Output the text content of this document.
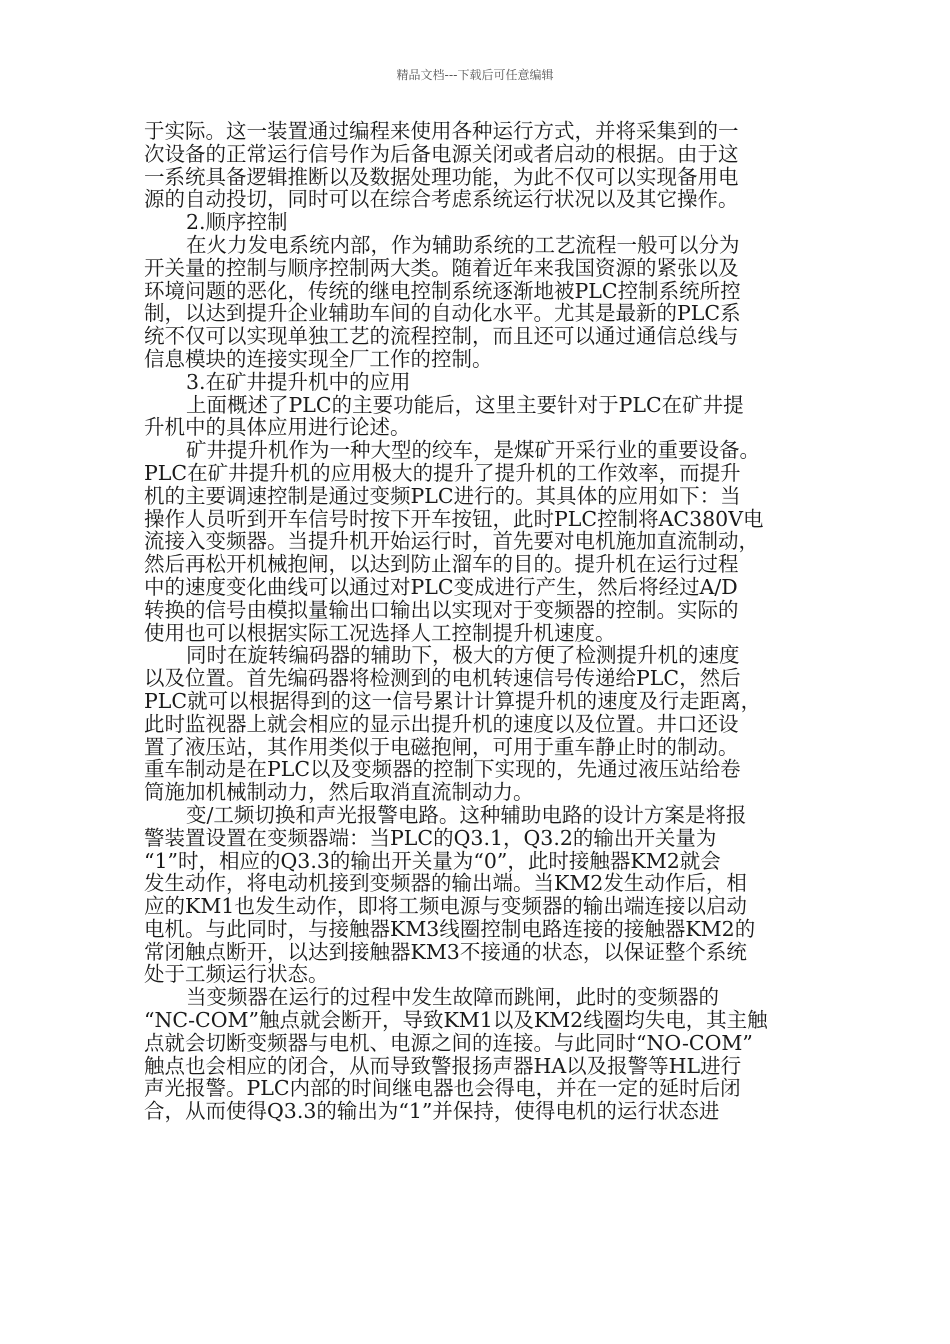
精品文档---下载后可任意编辑
于实际。这一装置通过编程来使用各种运行方式，并将采集到的一
次设备的正常运行信号作为后备电源关闭或者启动的根据。由于这
一系统具备逻辑推断以及数据处理功能，为此不仅可以实现备用电
源的自动投切，同时可以在综合考虑系统运行状况以及其它操作。
2.顺序控制
在火力发电系统内部，作为辅助系统的工艺流程一般可以分为
开关量的控制与顺序控制两大类。随着近年来我国资源的紧张以及
环境问题的恶化，传统的继电控制系统逐渐地被PLC控制系统所控
制，以达到提升企业辅助车间的自动化水平。尤其是最新的PLC系
统不仅可以实现单独工艺的流程控制，而且还可以通过通信总线与
信息模块的连接实现全厂工作的控制。
3.在矿井提升机中的应用
上面概述了PLC的主要功能后，这里主要针对于PLC在矿井提
升机中的具体应用进行论述。
矿井提升机作为一种大型的绞车，是煤矿开采行业的重要设备。
PLC在矿井提升机的应用极大的提升了提升机的工作效率，而提升
机的主要调速控制是通过变频PLC进行的。其具体的应用如下：当
操作人员听到开车信号时按下开车按钮，此时PLC控制将AC380V电
流接入变频器。当提升机开始运行时，首先要对电机施加直流制动，
然后再松开机械抱闸，以达到防止溜车的目的。提升机在运行过程
中的速度变化曲线可以通过对PLC变成进行产生，然后将经过A/D
转换的信号由模拟量输出口输出以实现对于变频器的控制。实际的
使用也可以根据实际工况选择人工控制提升机速度。
同时在旋转编码器的辅助下，极大的方便了检测提升机的速度
以及位置。首先编码器将检测到的电机转速信号传递给PLC，然后
PLC就可以根据得到的这一信号累计计算提升机的速度及行走距离，
此时监视器上就会相应的显示出提升机的速度以及位置。井口还设
置了液压站，其作用类似于电磁抱闸，可用于重车静止时的制动。
重车制动是在PLC以及变频器的控制下实现的，先通过液压站给卷
筒施加机械制动力，然后取消直流制动力。
变/工频切换和声光报警电路。这种辅助电路的设计方案是将报
警装置设置在变频器端：当PLC的Q3.1，Q3.2的输出开关量为
“1”时，相应的Q3.3的输出开关量为“0”，此时接触器KM2就会
发生动作，将电动机接到变频器的输出端。当KM2发生动作后，相
应的KM1也发生动作，即将工频电源与变频器的输出端连接以启动
电机。与此同时，与接触器KM3线圈控制电路连接的接触器KM2的
常闭触点断开，以达到接触器KM3不接通的状态，以保证整个系统
处于工频运行状态。
当变频器在运行的过程中发生故障而跳闸，此时的变频器的
“NC-COM”触点就会断开，导致KM1以及KM2线圈均失电，其主触
点就会切断变频器与电机、电源之间的连接。与此同时“NO-COM”
触点也会相应的闭合，从而导致警报扬声器HA以及报警等HL进行
声光报警。PLC内部的时间继电器也会得电，并在一定的延时后闭
合，从而使得Q3.3的输出为“1”并保持，使得电机的运行状态进
